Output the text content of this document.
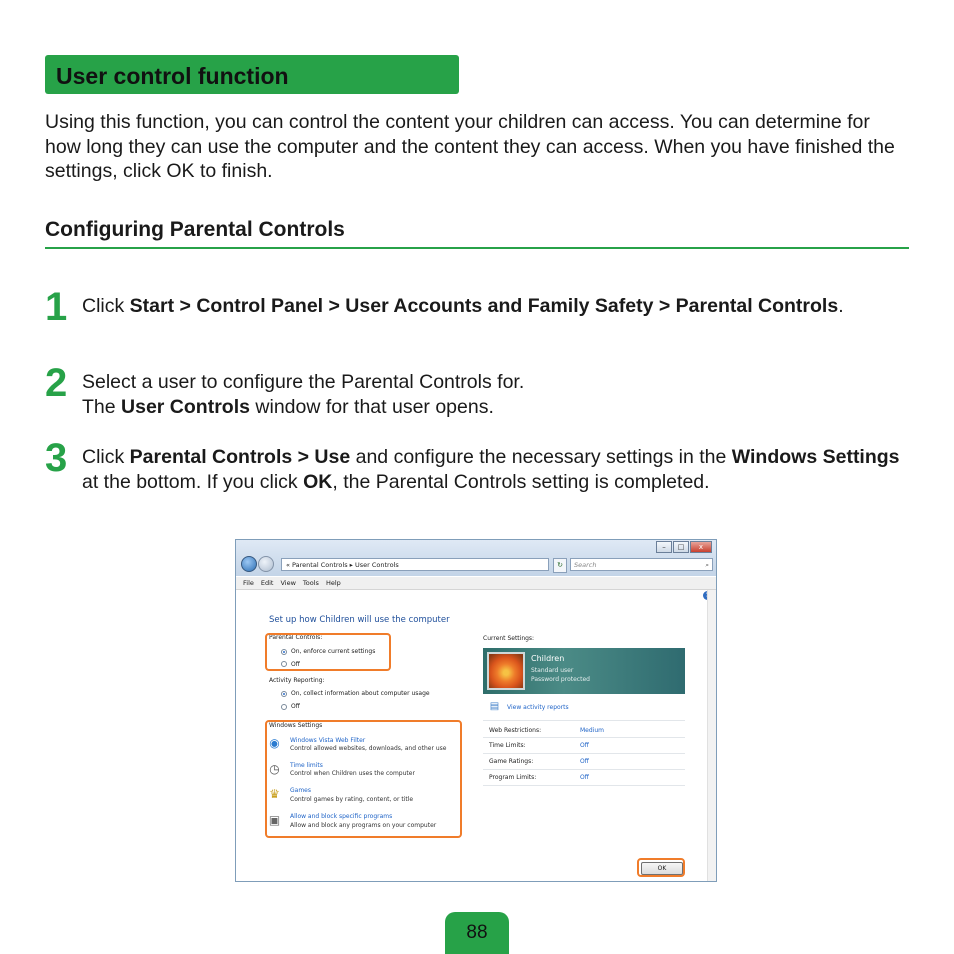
User control function
Using this function, you can control the content your children can access. You can determine for how long they can use the computer and the content they can access. When you have finished the settings, click OK to finish.
Configuring Parental Controls
1 Click Start > Control Panel > User Accounts and Family Safety > Parental Controls.
2 Select a user to configure the Parental Controls for.
The User Controls window for that user opens.
3 Click Parental Controls > Use and configure the necessary settings in the Windows Settings at the bottom. If you click OK, the Parental Controls setting is completed.
–	□	x
« Parental Controls ▸ User Controls	↻	Search	⌕
File Edit View Tools Help
Set up how Children will use the computer
Parental Controls:
On, enforce current settings
Off
Activity Reporting:
On, collect information about computer usage
Off
Windows Settings
◉ Windows Vista Web Filter
Control allowed websites, downloads, and other use
◷ Time limits
Control when Children uses the computer
♛ Games
Control games by rating, content, or title
▣ Allow and block specific programs
Allow and block any programs on your computer
Current Settings:
Children
Standard user
Password protected
▤ View activity reports
Web Restrictions:	Medium
Time Limits:	Off
Game Ratings:	Off
Program Limits:	Off
OK
88
